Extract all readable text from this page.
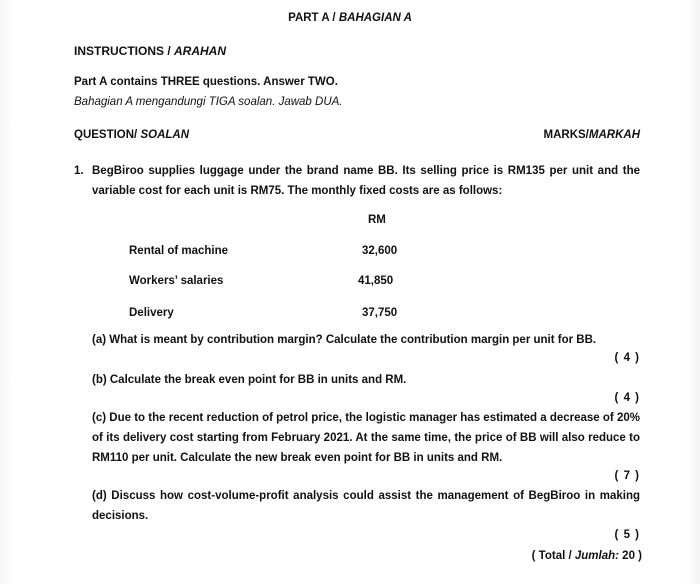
PART A / BAHAGIAN A
INSTRUCTIONS / ARAHAN
Part A contains THREE questions. Answer TWO.
Bahagian A mengandungi TIGA soalan. Jawab DUA.
QUESTION/ SOALAN	MARKS/MARKAH
1. BegBiroo supplies luggage under the brand name BB. Its selling price is RM135 per unit and the variable cost for each unit is RM75. The monthly fixed costs are as follows:
RM
Rental of machine	32,600
Workers’ salaries	41,850
Delivery	37,750
(a) What is meant by contribution margin? Calculate the contribution margin per unit for BB.
( 4 )
(b) Calculate the break even point for BB in units and RM.
( 4 )
(c) Due to the recent reduction of petrol price, the logistic manager has estimated a decrease of 20% of its delivery cost starting from February 2021. At the same time, the price of BB will also reduce to RM110 per unit. Calculate the new break even point for BB in units and RM.
( 7 )
(d) Discuss how cost-volume-profit analysis could assist the management of BegBiroo in making decisions.
( 5 )
( Total / Jumlah: 20 )
